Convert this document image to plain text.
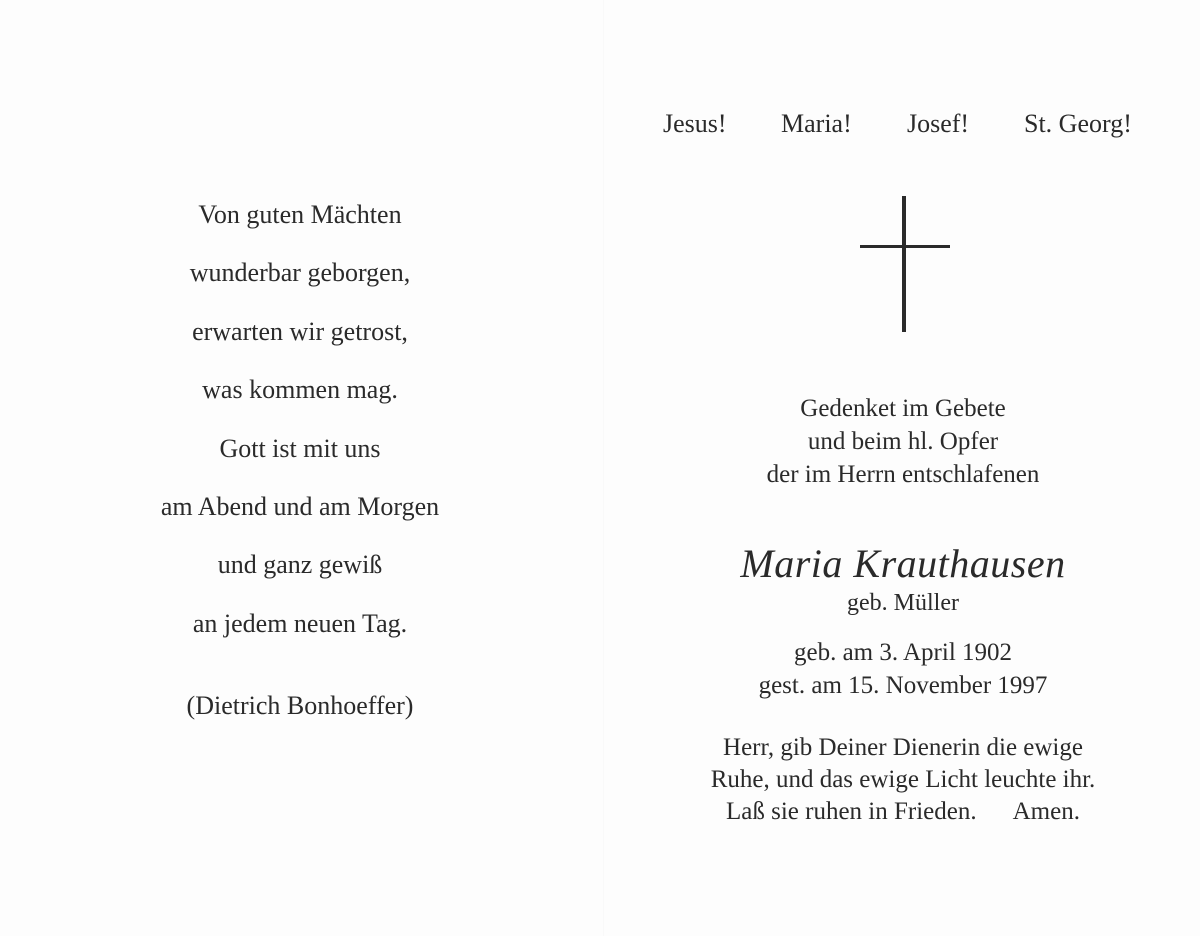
Von guten Mächten
wunderbar geborgen,
erwarten wir getrost,
was kommen mag.
Gott ist mit uns
am Abend und am Morgen
und ganz gewiß
an jedem neuen Tag.
(Dietrich Bonhoeffer)
Jesus! Maria! Josef! St. Georg!
Gedenket im Gebete
und beim hl. Opfer
der im Herrn entschlafenen
Maria Krauthausen
geb. Müller
geb. am 3. April 1902
gest. am 15. November 1997
Herr, gib Deiner Dienerin die ewige
Ruhe, und das ewige Licht leuchte ihr.
Laß sie ruhen in Frieden. Amen.
